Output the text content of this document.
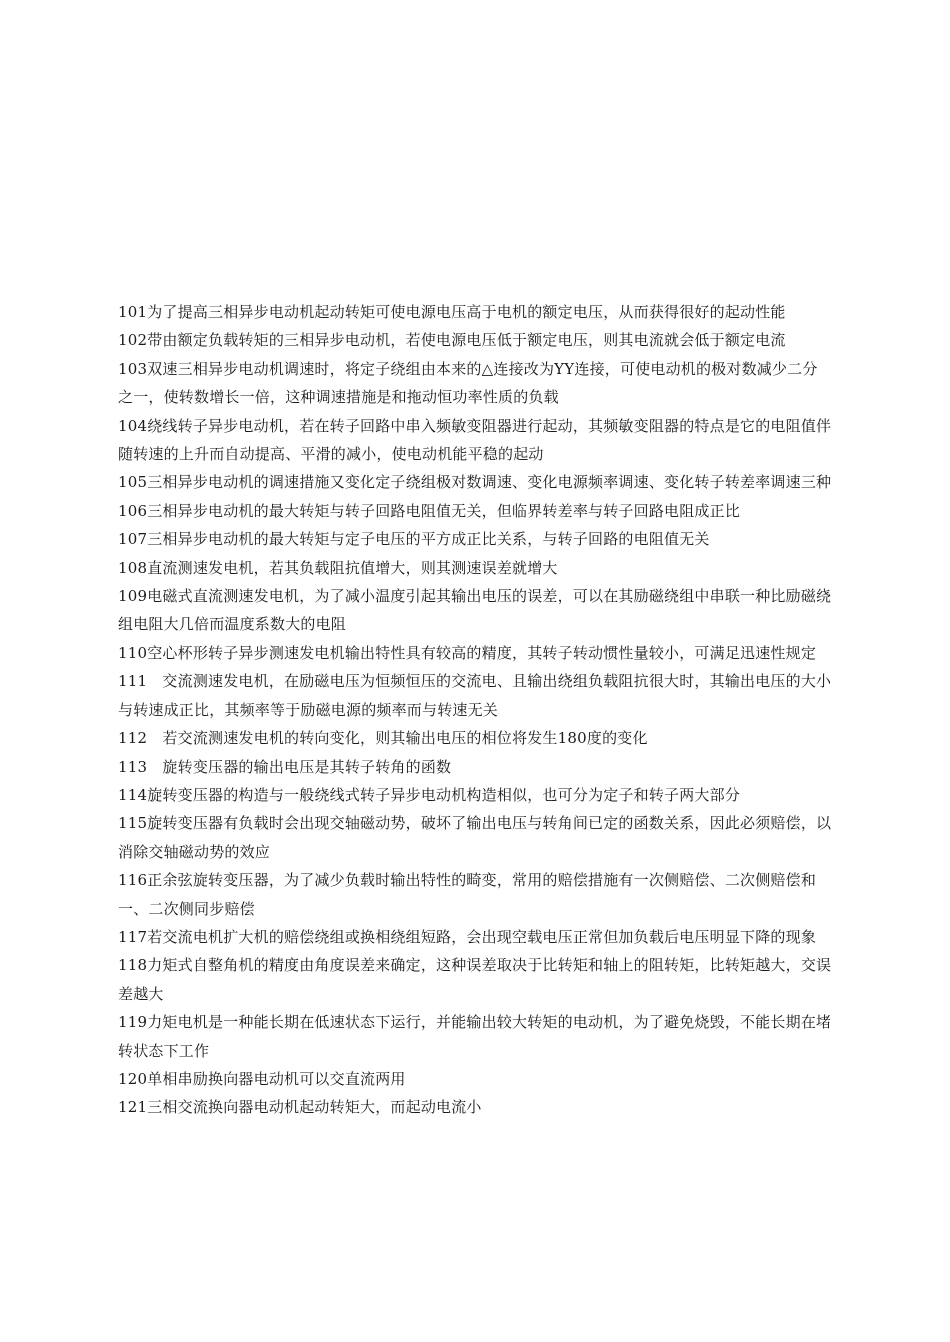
101为了提高三相异步电动机起动转矩可使电源电压高于电机的额定电压，从而获得很好的起动性能

102带由额定负载转矩的三相异步电动机，若使电源电压低于额定电压，则其电流就会低于额定电流

103双速三相异步电动机调速时，将定子绕组由本来的△连接改为YY连接，可使电动机的极对数减少二分之一，使转数增长一倍，这种调速措施是和拖动恒功率性质的负载

104绕线转子异步电动机，若在转子回路中串入频敏变阻器进行起动，其频敏变阻器的特点是它的电阻值伴随转速的上升而自动提高、平滑的减小，使电动机能平稳的起动

105三相异步电动机的调速措施又变化定子绕组极对数调速、变化电源频率调速、变化转子转差率调速三种

106三相异步电动机的最大转矩与转子回路电阻值无关，但临界转差率与转子回路电阻成正比

107三相异步电动机的最大转矩与定子电压的平方成正比关系，与转子回路的电阻值无关

108直流测速发电机，若其负载阻抗值增大，则其测速误差就增大

109电磁式直流测速发电机，为了减小温度引起其输出电压的误差，可以在其励磁绕组中串联一种比励磁绕组电阻大几倍而温度系数大的电阻

110空心杯形转子异步测速发电机输出特性具有较高的精度，其转子转动惯性量较小，可满足迅速性规定

111　交流测速发电机，在励磁电压为恒频恒压的交流电、且输出绕组负载阻抗很大时，其输出电压的大小与转速成正比，其频率等于励磁电源的频率而与转速无关

112　若交流测速发电机的转向变化，则其输出电压的相位将发生180度的变化

113　旋转变压器的输出电压是其转子转角的函数

114旋转变压器的构造与一般绕线式转子异步电动机构造相似，也可分为定子和转子两大部分

115旋转变压器有负载时会出现交轴磁动势，破坏了输出电压与转角间已定的函数关系，因此必须赔偿，以消除交轴磁动势的效应

116正余弦旋转变压器，为了减少负载时输出特性的畸变，常用的赔偿措施有一次侧赔偿、二次侧赔偿和一、二次侧同步赔偿

117若交流电机扩大机的赔偿绕组或换相绕组短路，会出现空载电压正常但加负载后电压明显下降的现象

118力矩式自整角机的精度由角度误差来确定，这种误差取决于比转矩和轴上的阻转矩，比转矩越大，交误差越大

119力矩电机是一种能长期在低速状态下运行，并能输出较大转矩的电动机，为了避免烧毁，不能长期在堵转状态下工作

120单相串励换向器电动机可以交直流两用

121三相交流换向器电动机起动转矩大，而起动电流小
